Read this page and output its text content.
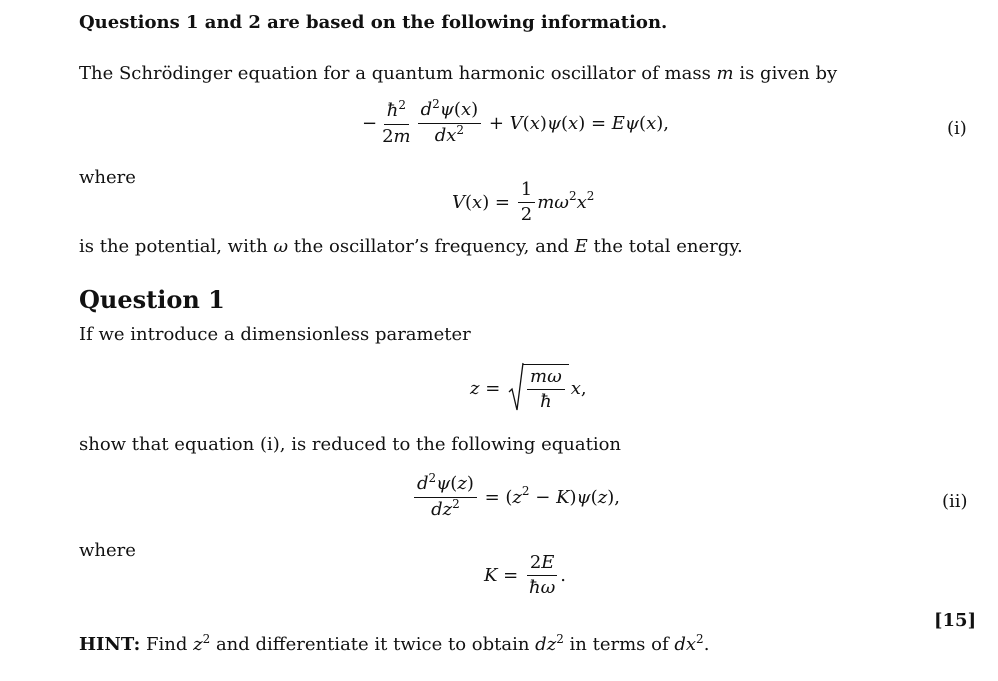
Questions 1 and 2 are based on the following information.
The Schrödinger equation for a quantum harmonic oscillator of mass m is given by
− $\frac{ħ^2}{2m} \frac{d^2\psi(x)}{dx^2} + V$ ( x ) ψ ( x ) = Eψ ( x ),	(i)
where
V ( x ) = $\frac{1}{2} m\omega^2$ $x^2$
is the potential, with ω the oscillator’s frequency, and E the total energy.
Question 1
If we introduce a dimensionless parameter
$z = \frac{m\omega}{ħ}$ x ,
show that equation (i), is reduced to the following equation
$\frac{d^2\psi(z)}{dz^2}$ = ( $z^2 - K$ ) ψ ( z ),	(ii)
where
$K = \frac{2E}{ħ\omega}$ .
[15]
HINT: Find $z^2$ and differentiate it twice to obtain $dz^2$ in terms of $dx^2$.
